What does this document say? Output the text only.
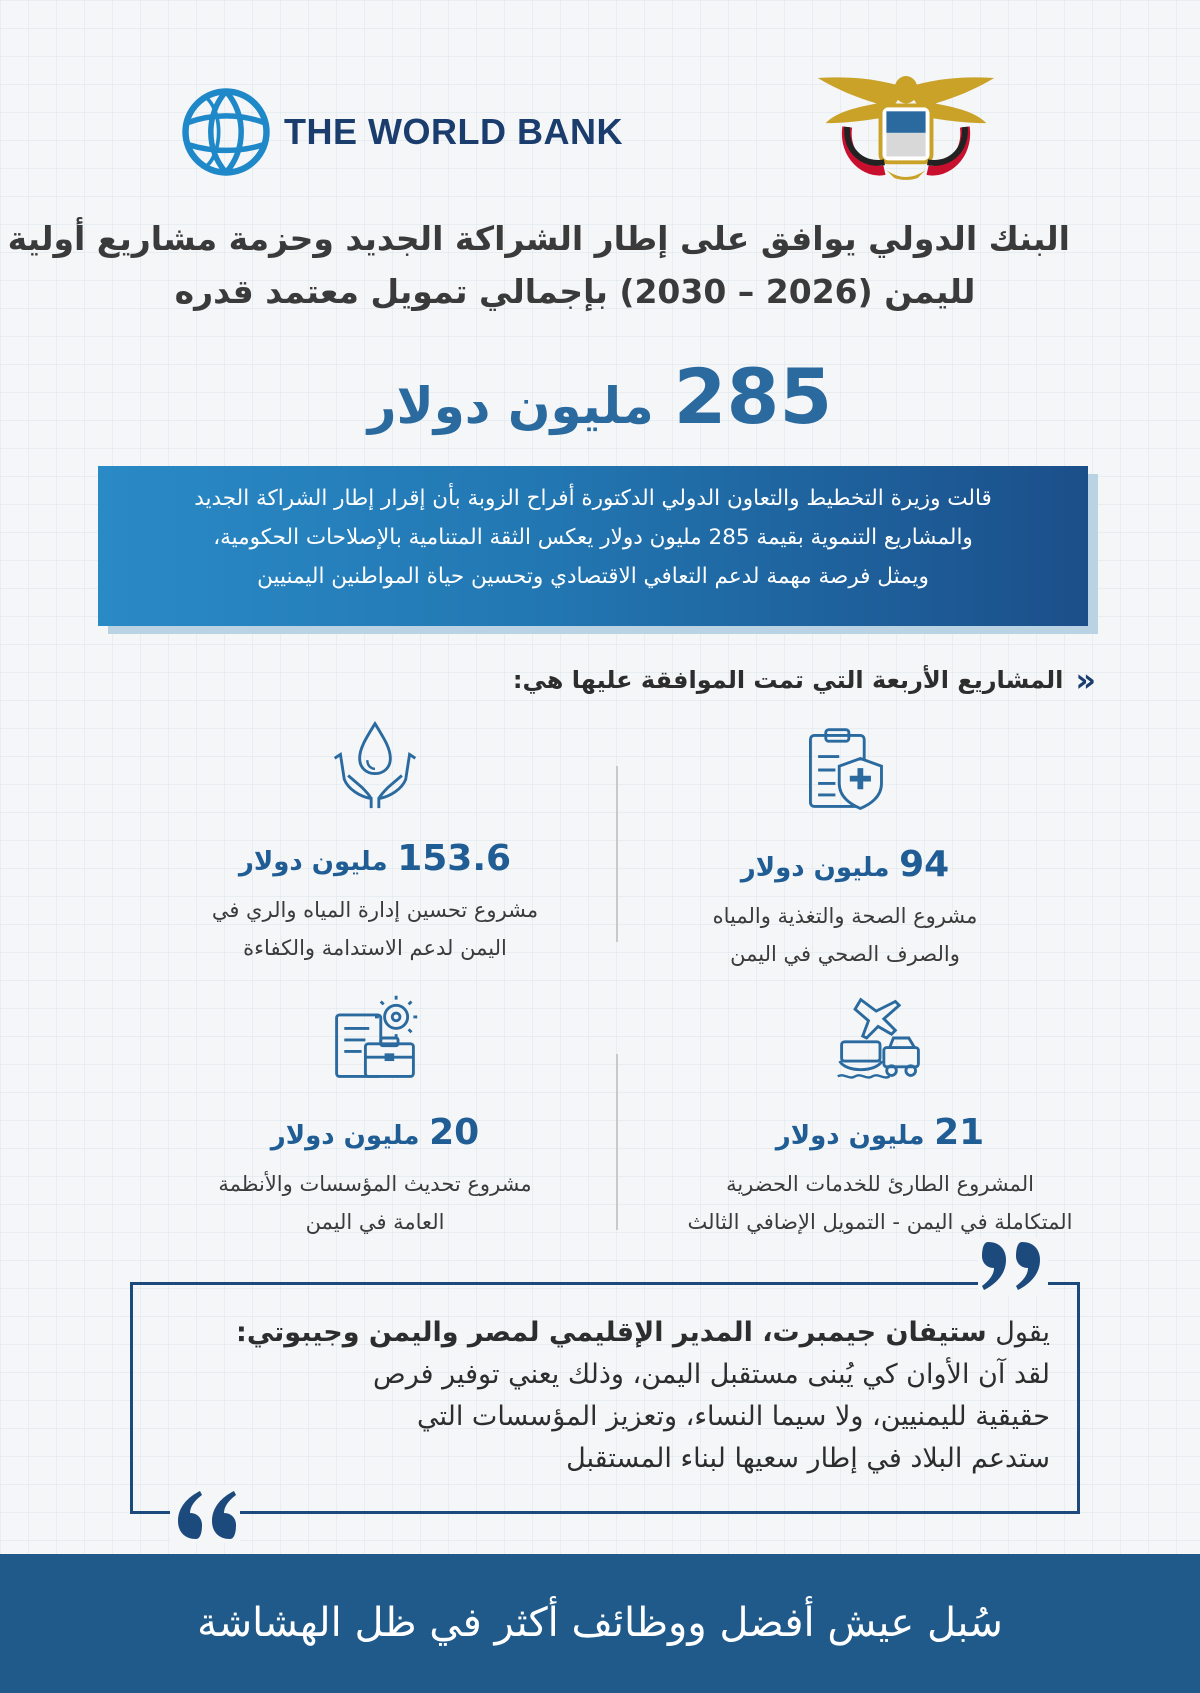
THE WORLD BANK
البنك الدولي يوافق على إطار الشراكة الجديد وحزمة مشاريع أولية
لليمن (2026 – 2030) بإجمالي تمويل معتمد قدره
285
مليون دولار
قالت وزيرة التخطيط والتعاون الدولي الدكتورة أفراح الزوبة بأن إقرار إطار الشراكة الجديد
والمشاريع التنموية بقيمة 285 مليون دولار يعكس الثقة المتنامية بالإصلاحات الحكومية،
ويمثل فرصة مهمة لدعم التعافي الاقتصادي وتحسين حياة المواطنين اليمنيين
«
المشاريع الأربعة التي تمت الموافقة عليها هي:
94 مليون دولار
مشروع الصحة والتغذية والمياه
والصرف الصحي في اليمن
153.6 مليون دولار
مشروع تحسين إدارة المياه والري في
اليمن لدعم الاستدامة والكفاءة
21 مليون دولار
المشروع الطارئ للخدمات الحضرية
المتكاملة في اليمن - التمويل الإضافي الثالث
20 مليون دولار
مشروع تحديث المؤسسات والأنظمة
العامة في اليمن
يقول ستيفان جيمبرت، المدير الإقليمي لمصر واليمن وجيبوتي:
لقد آن الأوان كي يُبنى مستقبل اليمن، وذلك يعني توفير فرص
حقيقية لليمنيين، ولا سيما النساء، وتعزيز المؤسسات التي
ستدعم البلاد في إطار سعيها لبناء المستقبل
سُبل عيش أفضل ووظائف أكثر في ظل الهشاشة
